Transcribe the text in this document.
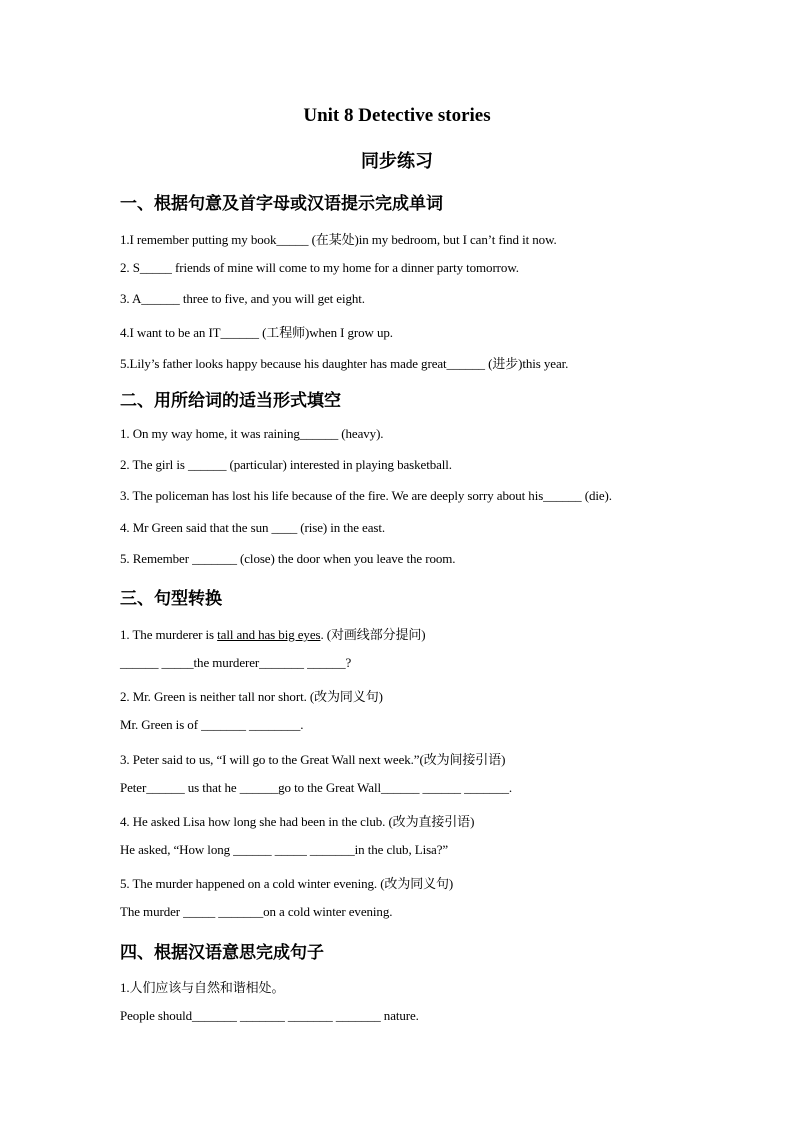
Unit 8 Detective stories
同步练习
一、根据句意及首字母或汉语提示完成单词
1.I remember putting my book_____ (在某处)in my bedroom, but I can’t find it now.
2. S_____ friends of mine will come to my home for a dinner party tomorrow.
3. A______ three to five, and you will get eight.
4.I want to be an IT______ (工程师)when I grow up.
5.Lily’s father looks happy because his daughter has made great______ (进步)this year.
二、用所给词的适当形式填空
1. On my way home, it was raining______ (heavy).
2. The girl is ______ (particular) interested in playing basketball.
3. The policeman has lost his life because of the fire. We are deeply sorry about his______ (die).
4. Mr Green said that the sun ____ (rise) in the east.
5. Remember _______ (close) the door when you leave the room.
三、句型转换
1. The murderer is tall and has big eyes. (对画线部分提问)
______ _____the murderer_______ ______?
2. Mr. Green is neither tall nor short. (改为同义句)
Mr. Green is of _______ ________.
3. Peter said to us, “I will go to the Great Wall next week.”(改为间接引语)
Peter______ us that he ______go to the Great Wall______ ______ _______.
4. He asked Lisa how long she had been in the club. (改为直接引语)
He asked, “How long ______ _____ _______in the club, Lisa?”
5. The murder happened on a cold winter evening. (改为同义句)
The murder _____ _______on a cold winter evening.
四、根据汉语意思完成句子
1.人们应该与自然和谐相处。
People should_______ _______ _______ _______ nature.
